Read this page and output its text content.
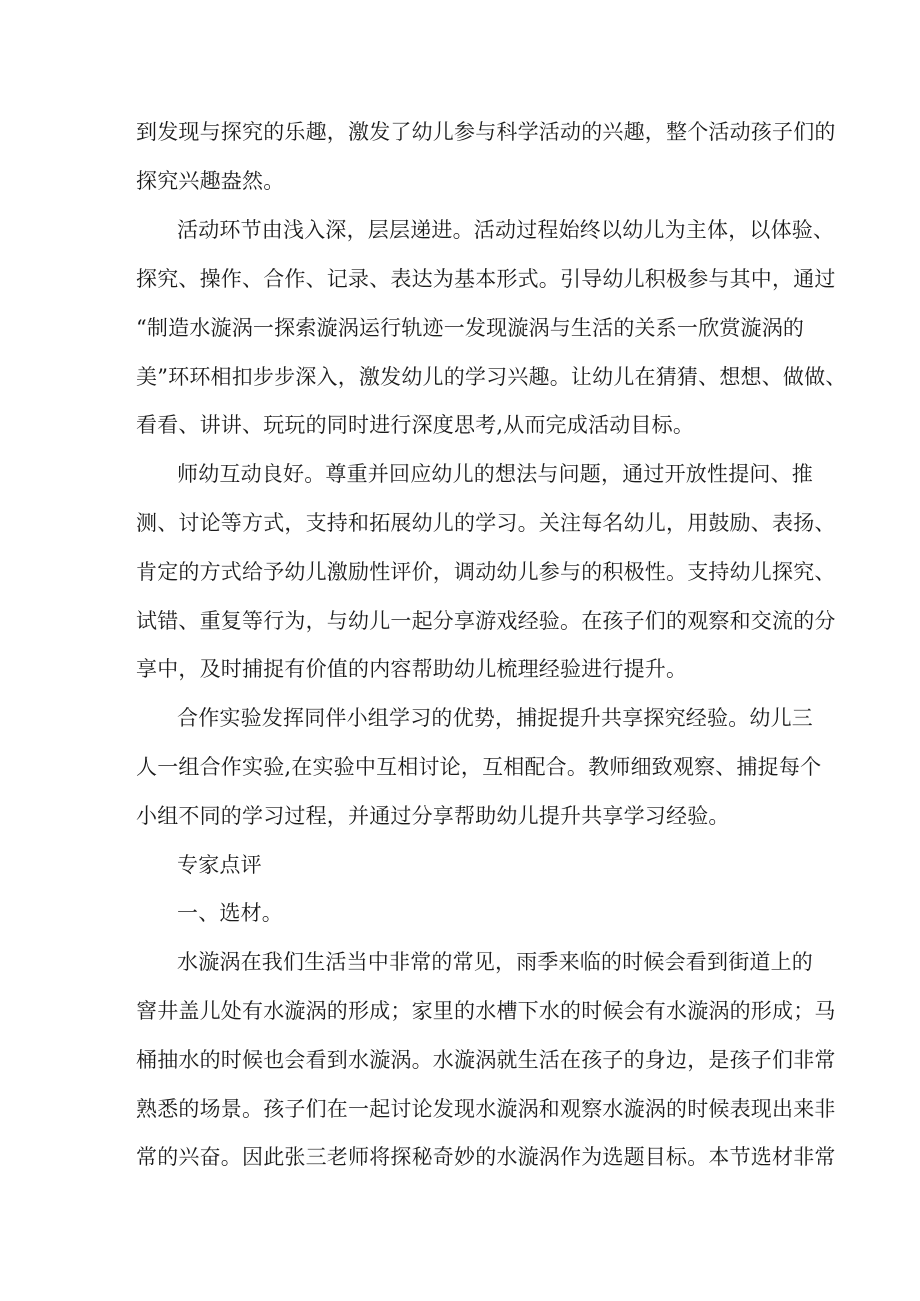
到发现与探究的乐趣，激发了幼儿参与科学活动的兴趣，整个活动孩子们的
探究兴趣盎然。
活动环节由浅入深，层层递进。活动过程始终以幼儿为主体，以体验、
探究、操作、合作、记录、表达为基本形式。引导幼儿积极参与其中，通过
“制造水漩涡一探索漩涡运行轨迹一发现漩涡与生活的关系一欣赏漩涡的
美”环环相扣步步深入，激发幼儿的学习兴趣。让幼儿在猜猜、想想、做做、
看看、讲讲、玩玩的同时进行深度思考,从而完成活动目标。
师幼互动良好。尊重并回应幼儿的想法与问题，通过开放性提问、推
测、讨论等方式，支持和拓展幼儿的学习。关注每名幼儿，用鼓励、表扬、
肯定的方式给予幼儿激励性评价，调动幼儿参与的积极性。支持幼儿探究、
试错、重复等行为，与幼儿一起分享游戏经验。在孩子们的观察和交流的分
享中，及时捕捉有价值的内容帮助幼儿梳理经验进行提升。
合作实验发挥同伴小组学习的优势，捕捉提升共享探究经验。幼儿三
人一组合作实验,在实验中互相讨论，互相配合。教师细致观察、捕捉每个
小组不同的学习过程，并通过分享帮助幼儿提升共享学习经验。
专家点评
一、选材。
水漩涡在我们生活当中非常的常见，雨季来临的时候会看到街道上的
窨井盖儿处有水漩涡的形成；家里的水槽下水的时候会有水漩涡的形成；马
桶抽水的时候也会看到水漩涡。水漩涡就生活在孩子的身边，是孩子们非常
熟悉的场景。孩子们在一起讨论发现水漩涡和观察水漩涡的时候表现出来非
常的兴奋。因此张三老师将探秘奇妙的水漩涡作为选题目标。本节选材非常
